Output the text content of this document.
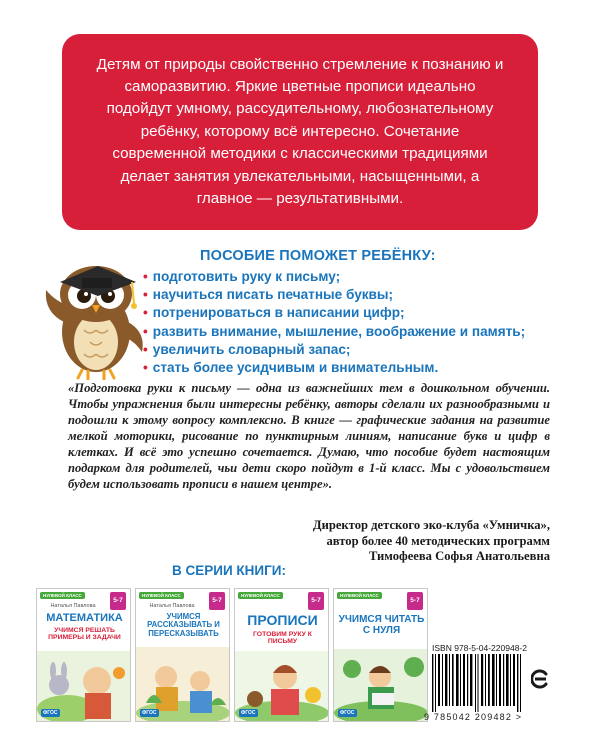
Детям от природы свойственно стремление к познанию и саморазвитию. Яркие цветные прописи идеально подойдут умному, рассудительному, любознательному ребёнку, которому всё интересно. Сочетание современной методики с классическими традициями делает занятия увлекательными, насыщенными, а главное — результативными.

ПОСОБИЕ ПОМОЖЕТ РЕБЁНКУ:
• подготовить руку к письму;
• научиться писать печатные буквы;
• потренироваться в написании цифр;
• развить внимание, мышление, воображение и память;
• увеличить словарный запас;
• стать более усидчивым и внимательным.

«Подготовка руки к письму — одна из важнейших тем в дошкольном обучении. Чтобы упражнения были интересны ребёнку, авторы сделали их разнообразными и подошли к этому вопросу комплексно. В книге — графические задания на развитие мелкой моторики, рисование по пунктирным линиям, написание букв и цифр в клетках. И всё это успешно сочетается. Думаю, что пособие будет настоящим подарком для родителей, чьи дети скоро пойдут в 1-й класс. Мы с удовольствием будем использовать прописи в нашем центре».

Директор детского эко-клуба «Умничка»,
автор более 40 методических программ
Тимофеева Софья Анатольевна
В СЕРИИ КНИГИ:
НУЛЕВОЙ КЛАСС
5-7
Наталья Павлова
МАТЕМАТИКА
УЧИМСЯ РЕШАТЬ ПРИМЕРЫ И ЗАДАЧИ
ФГОС
НУЛЕВОЙ КЛАСС
5-7
Наталья Павлова
УЧИМСЯ РАССКАЗЫВАТЬ И ПЕРЕСКАЗЫВАТЬ
ФГОС
НУЛЕВОЙ КЛАСС
5-7
ПРОПИСИ
ГОТОВИМ РУКУ К ПИСЬМУ
ФГОС
НУЛЕВОЙ КЛАСС
5-7
УЧИМСЯ ЧИТАТЬ С НУЛЯ
ФГОС
ISBN 978-5-04-220948-2
9 785042 209482 >
